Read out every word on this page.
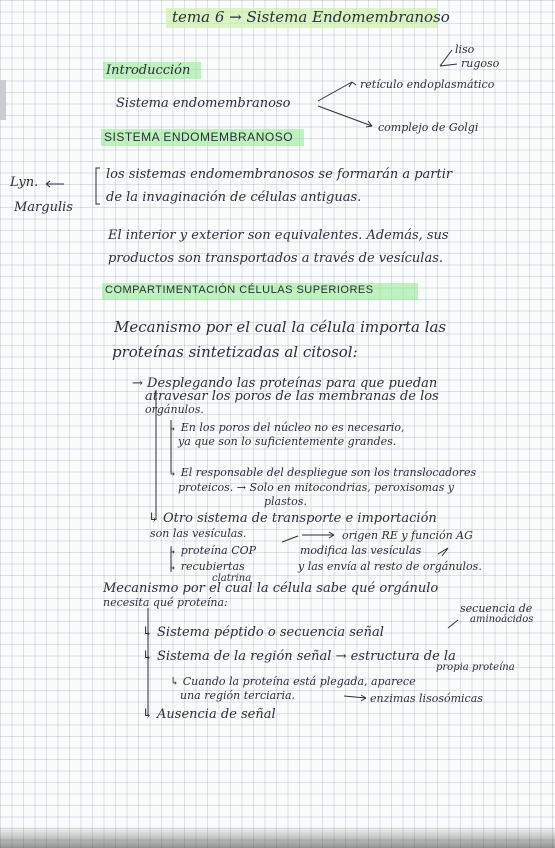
tema 6 → Sistema Endomembranoso
Introducción
liso
rugoso
retículo endoplasmático
Sistema endomembranoso
complejo de Golgi
SISTEMA ENDOMEMBRANOSO
Lyn.
Margulis
los sistemas endomembranosos se formarán a partir
de la invaginación de células antiguas.
El interior y exterior son equivalentes. Además, sus
productos son transportados a través de vesículas.
COMPARTIMENTACIÓN CÉLULAS SUPERIORES
Mecanismo por el cual la célula importa las
proteínas sintetizadas al citosol:
→ Desplegando las proteínas para que puedan
atravesar los poros de las membranas de los
orgánulos.
↳ En los poros del núcleo no es necesario,
ya que son lo suficientemente grandes.
↳ El responsable del despliegue son los translocadores
proteicos. → Solo en mitocondrias, peroxisomas y
plastos.
↳ Otro sistema de transporte e importación
son las vesículas.	origen RE y función AG
↳ proteína COP	modifica las vesículas
↳ recubiertas	y las envía al resto de orgánulos.
clatrina
Mecanismo por el cual la célula sabe qué orgánulo
necesita qué proteína:	secuencia de
aminoácidos
↳ Sistema péptido o secuencia señal
↳ Sistema de la región señal → estructura de la
propia proteína
↳ Cuando la proteína está plegada, aparece
una región terciaria.	enzimas lisosómicas
↳ Ausencia de señal
